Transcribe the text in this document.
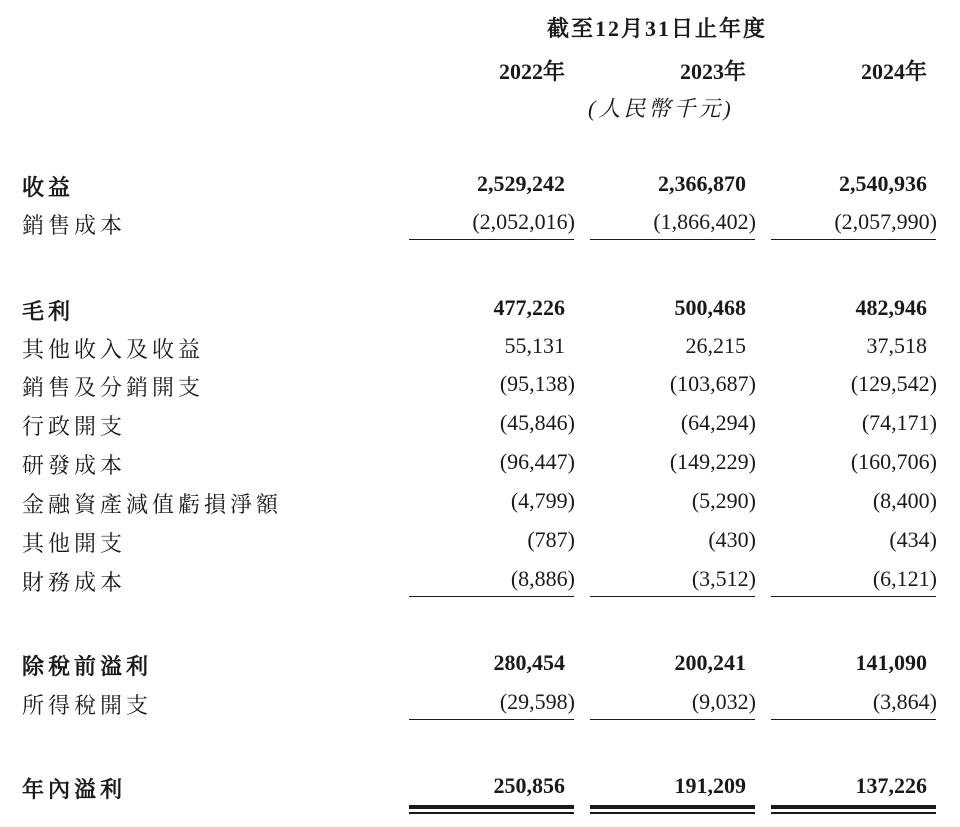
截至12月31日止年度
2022年	2023年	2024年
(人民幣千元)
收益	2,529,242	2,366,870	2,540,936
銷售成本	(2,052,016)	(1,866,402)	(2,057,990)
毛利	477,226	500,468	482,946
其他收入及收益	55,131	26,215	37,518
銷售及分銷開支	(95,138)	(103,687)	(129,542)
行政開支	(45,846)	(64,294)	(74,171)
研發成本	(96,447)	(149,229)	(160,706)
金融資產減值虧損淨額	(4,799)	(5,290)	(8,400)
其他開支	(787)	(430)	(434)
財務成本	(8,886)	(3,512)	(6,121)
除稅前溢利	280,454	200,241	141,090
所得稅開支	(29,598)	(9,032)	(3,864)
年內溢利	250,856	191,209	137,226
